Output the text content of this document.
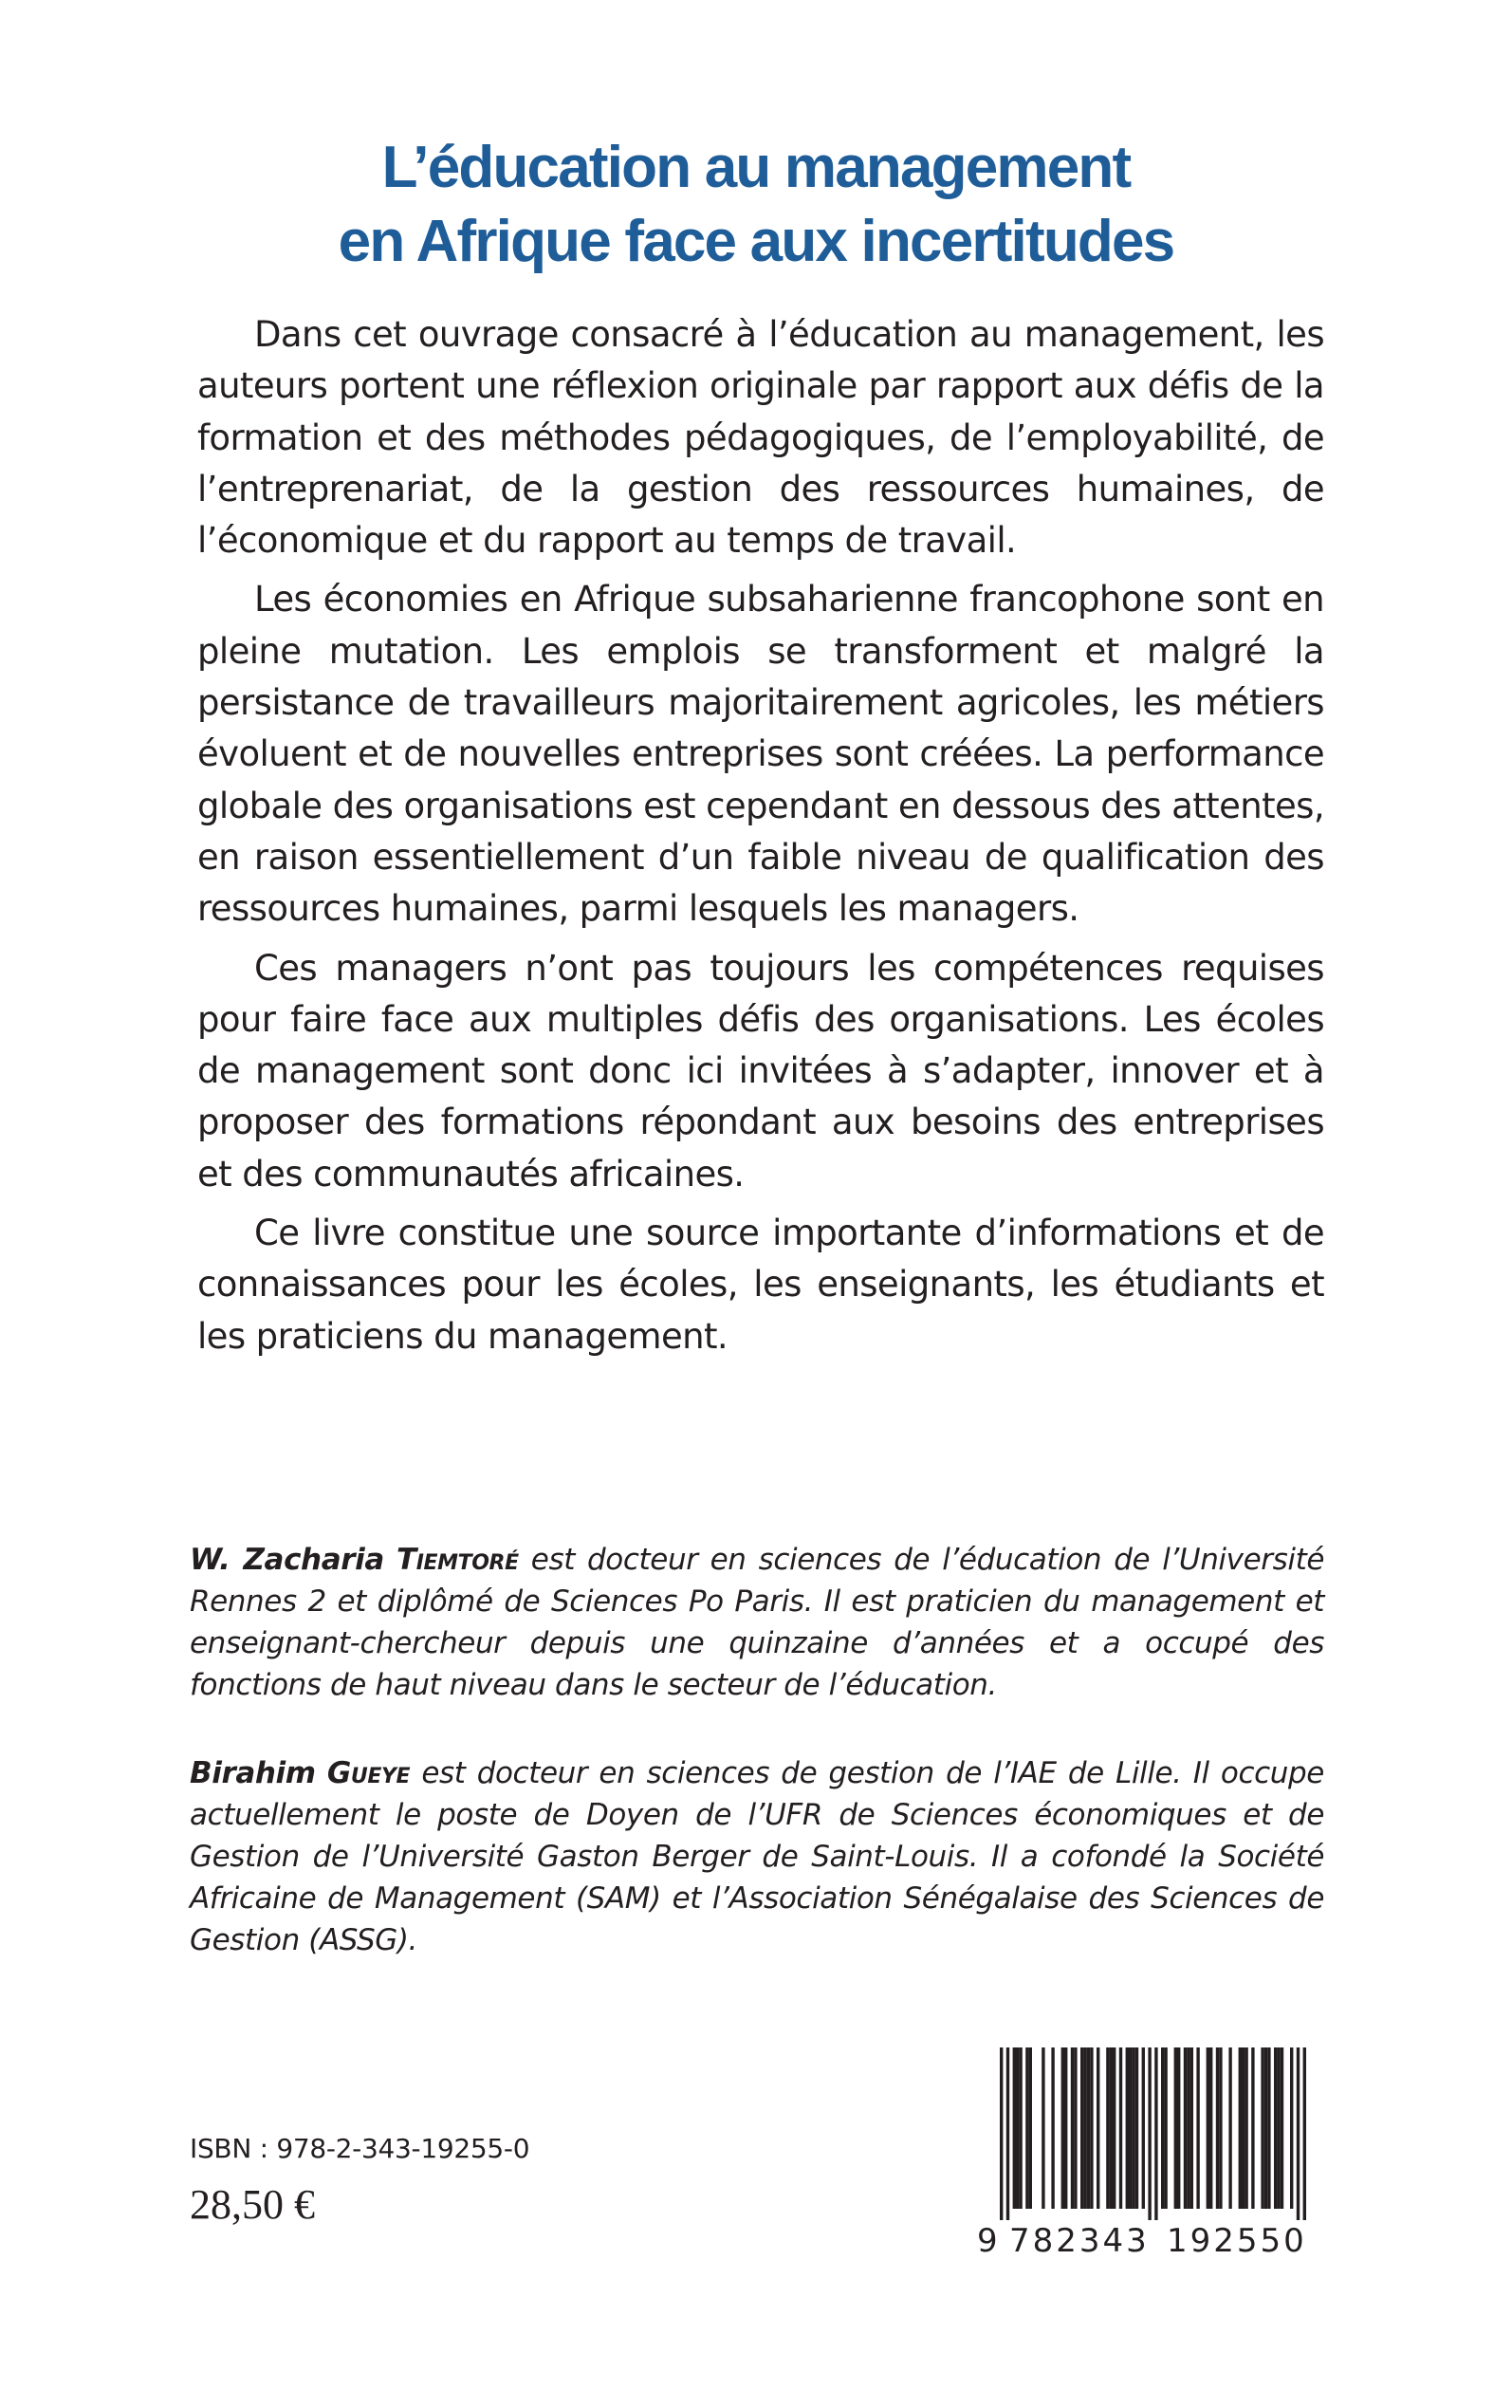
L’éducation au management
en Afrique face aux incertitudes

Dans cet ouvrage consacré à l’éducation au management, les auteurs portent une réflexion originale par rapport aux défis de la formation et des méthodes pédagogiques, de l’employabilité, de l’entreprenariat, de la gestion des ressources humaines, de l’économique et du rapport au temps de travail.

Les économies en Afrique subsaharienne francophone sont en pleine mutation. Les emplois se transforment et malgré la persistance de travailleurs majoritairement agricoles, les métiers évoluent et de nouvelles entreprises sont créées. La performance globale des organisations est cependant en dessous des attentes, en raison essentiellement d’un faible niveau de qualification des ressources humaines, parmi lesquels les managers.

Ces managers n’ont pas toujours les compétences requises pour faire face aux multiples défis des organisations. Les écoles de management sont donc ici invitées à s’adapter, innover et à proposer des formations répondant aux besoins des entreprises et des communautés africaines.

Ce livre constitue une source importante d’informations et de connaissances pour les écoles, les enseignants, les étudiants et les praticiens du management.

W. Zacharia Tiemtoré est docteur en sciences de l’éducation de l’Université Rennes 2 et diplômé de Sciences Po Paris. Il est praticien du management et enseignant-chercheur depuis une quinzaine d’années et a occupé des fonctions de haut niveau dans le secteur de l’éducation.
Birahim Gueye est docteur en sciences de gestion de l’IAE de Lille. Il occupe actuellement le poste de Doyen de l’UFR de Sciences économiques et de Gestion de l’Université Gaston Berger de Saint-Louis. Il a cofondé la Société Africaine de Management (SAM) et l’Association Sénégalaise des Sciences de Gestion (ASSG).
ISBN : 978-2-343-19255-0
28,50 €
9 782343 192550
